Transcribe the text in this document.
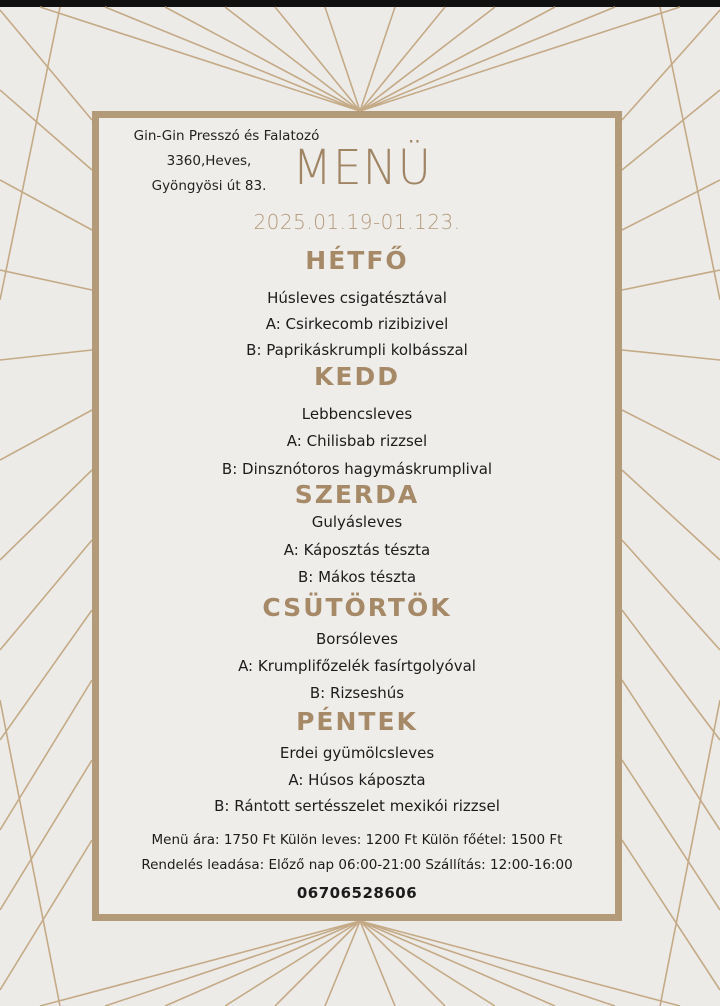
Gin-Gin Presszó és Falatozó
3360,Heves,
Gyöngyösi út 83. MENÜ
2025.01.19-01.123.
HÉTFŐ
Húsleves csigatésztával
A: Csirkecomb rizibizivel
B: Paprikáskrumpli kolbásszal
KEDD
Lebbencsleves
A: Chilisbab rizzsel
B: Dinsznótoros hagymáskrumplival
SZERDA
Gulyásleves
A: Káposztás tészta
B: Mákos tészta
CSÜTÖRTÖK
Borsóleves
A: Krumplifőzelék fasírtgolyóval
B: Rizseshús
PÉNTEK
Erdei gyümölcsleves
A: Húsos káposzta
B: Rántott sertésszelet mexikói rizzsel
Menü ára: 1750 Ft Külön leves: 1200 Ft Külön főétel: 1500 Ft
Rendelés leadása: Előző nap 06:00-21:00 Szállítás: 12:00-16:00
06706528606
